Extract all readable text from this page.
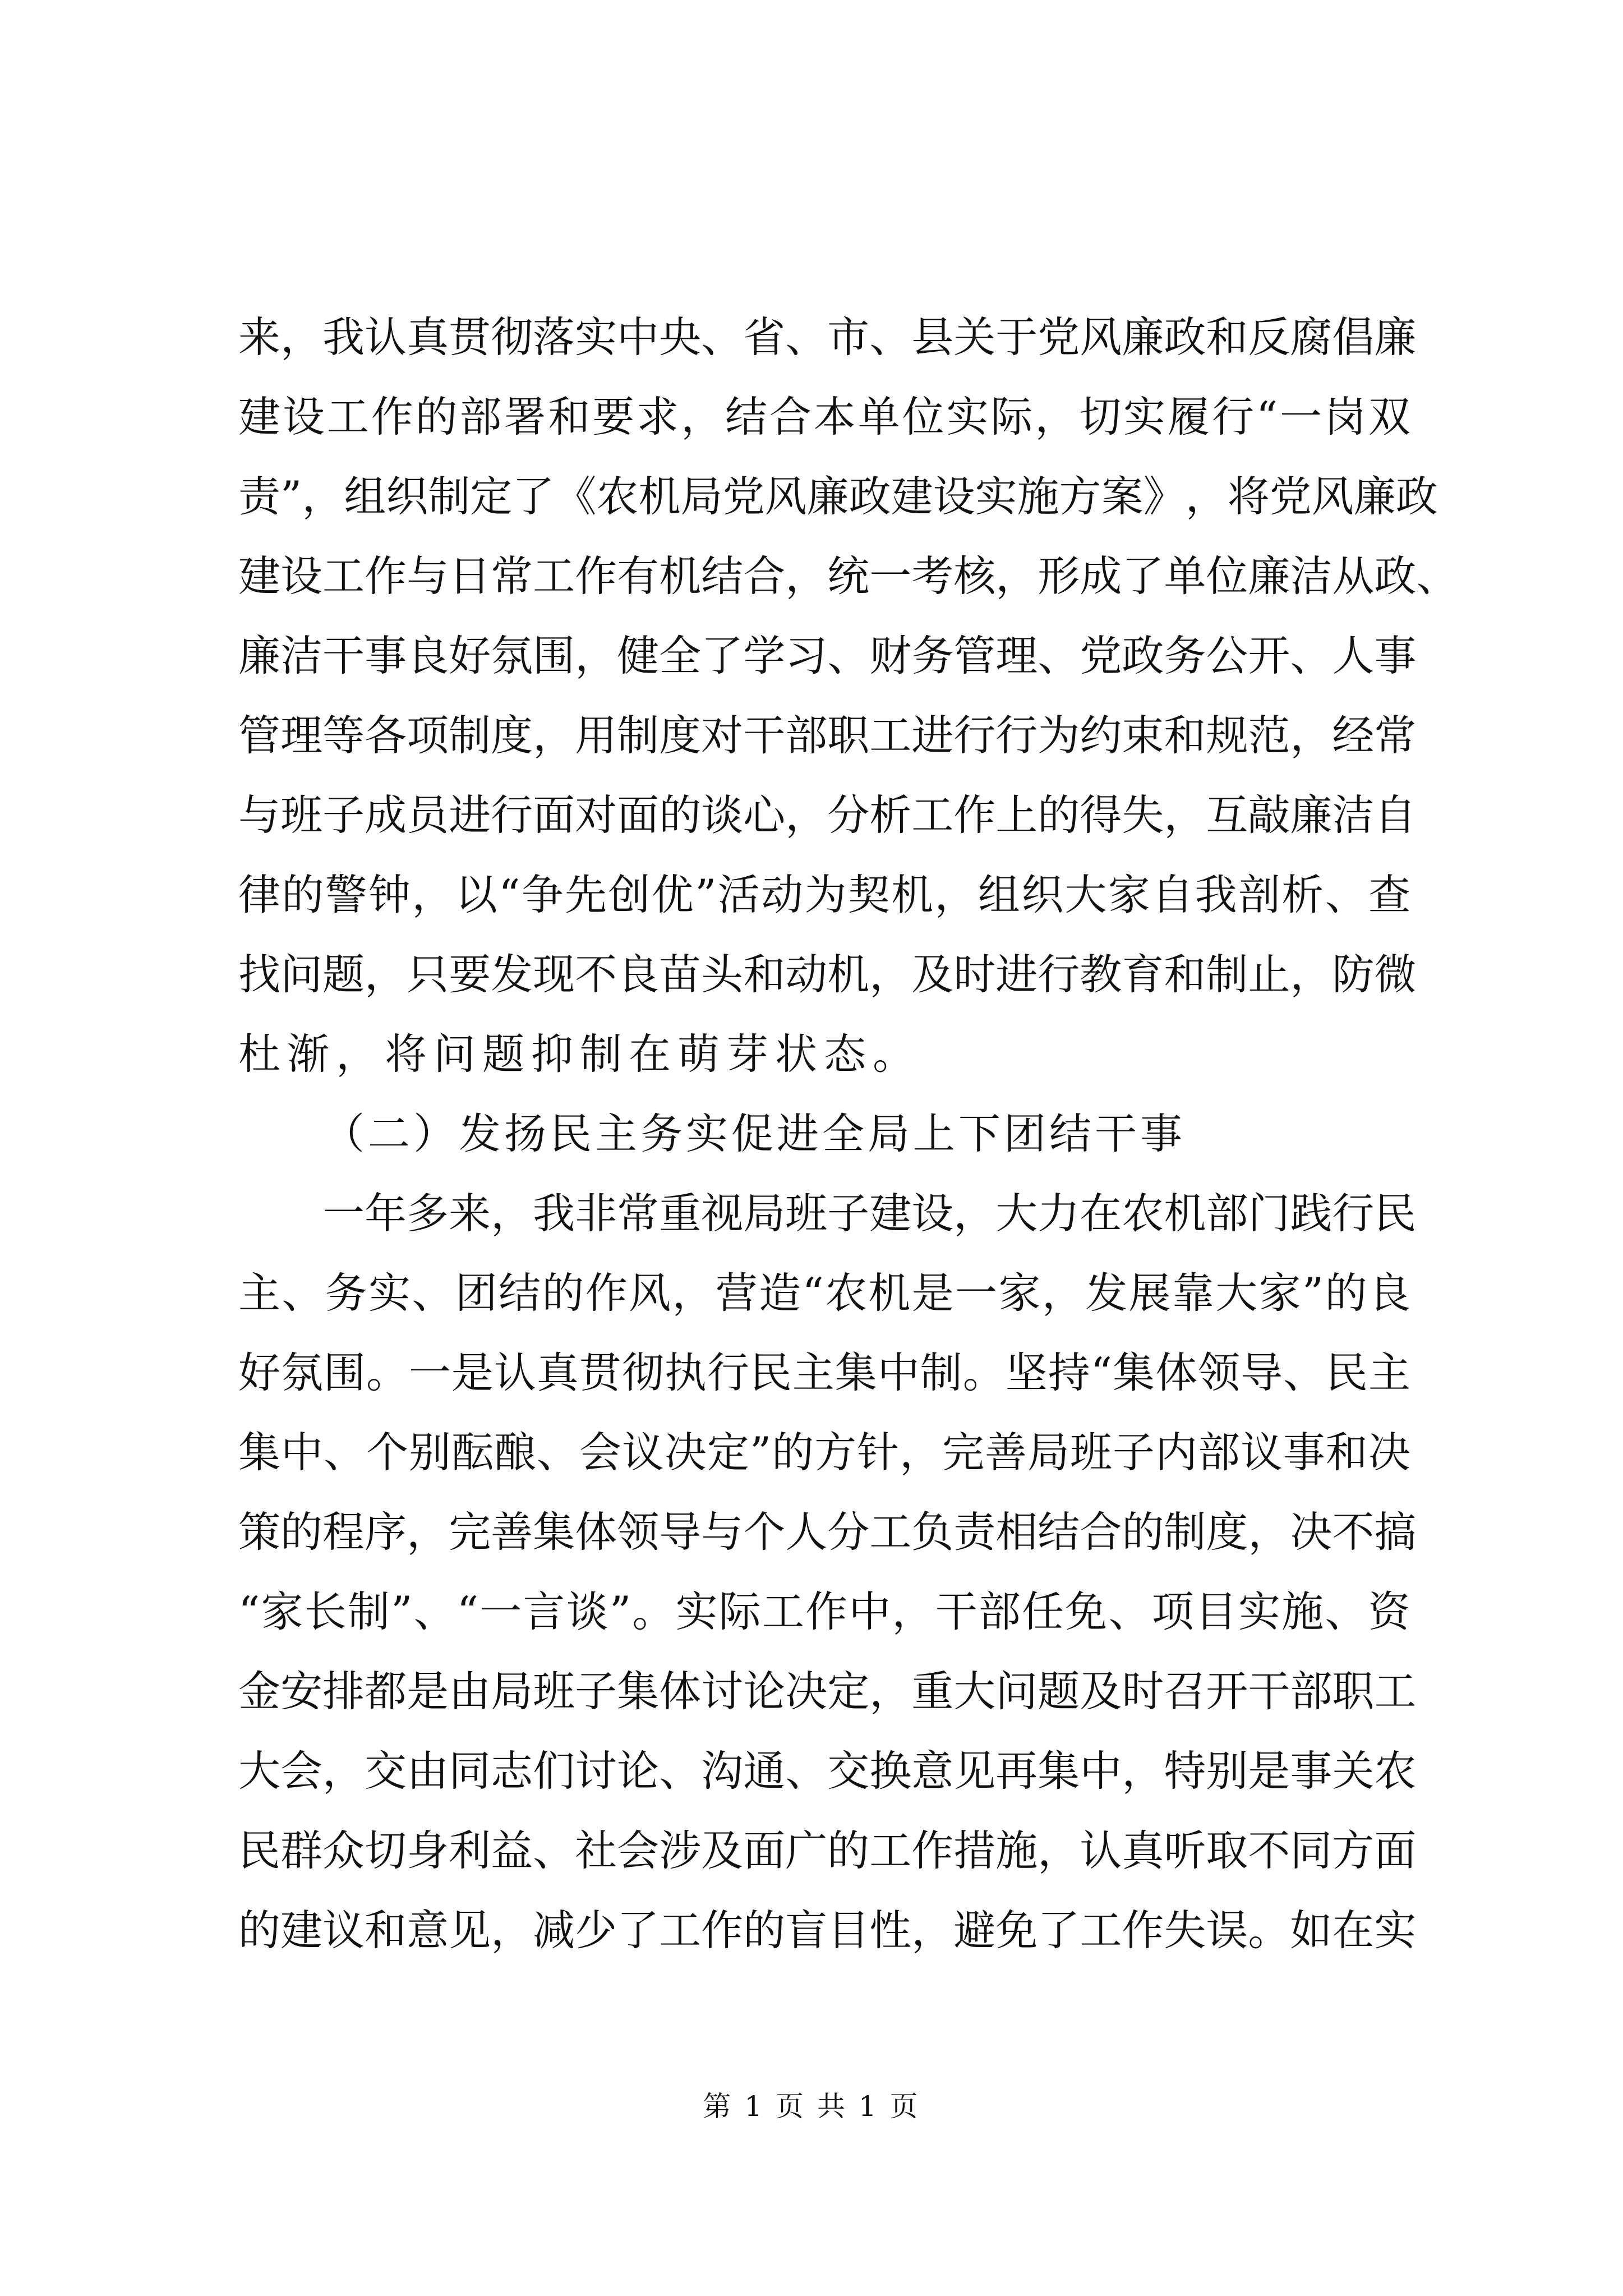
来 ， 我 认 真 贯 彻 落 实 中 央 、 省 、 市 、 县 关 于 党 风 廉 政 和 反 腐 倡 廉
建 设 工 作 的 部 署 和 要 求 ， 结 合 本 单 位 实 际 ， 切 实 履 行 “ 一 岗 双
责 ” ， 组 织 制 定 了 《 农 机 局 党 风 廉 政 建 设 实 施 方 案 》 ， 将 党 风 廉 政
建 设 工 作 与 日 常 工 作 有 机 结 合 ， 统 一 考 核 ， 形 成 了 单 位 廉 洁 从 政 、
廉 洁 干 事 良 好 氛 围 ， 健 全 了 学 习 、 财 务 管 理 、 党 政 务 公 开 、 人 事
管 理 等 各 项 制 度 ， 用 制 度 对 干 部 职 工 进 行 行 为 约 束 和 规 范 ， 经 常
与 班 子 成 员 进 行 面 对 面 的 谈 心 ， 分 析 工 作 上 的 得 失 ， 互 敲 廉 洁 自
律 的 警 钟 ， 以 “ 争 先 创 优 ” 活 动 为 契 机 ， 组 织 大 家 自 我 剖 析 、 查
找 问 题 ， 只 要 发 现 不 良 苗 头 和 动 机 ， 及 时 进 行 教 育 和 制 止 ， 防 微
杜渐，将问题抑制在萌芽状态。
（二）发扬民主务实促进全局上下团结干事
一 年 多 来 ， 我 非 常 重 视 局 班 子 建 设 ， 大 力 在 农 机 部 门 践 行 民
主 、 务 实 、 团 结 的 作 风 ， 营 造 “ 农 机 是 一 家 ， 发 展 靠 大 家 ” 的 良
好 氛 围 。 一 是 认 真 贯 彻 执 行 民 主 集 中 制 。 坚 持 “ 集 体 领 导 、 民 主
集 中 、 个 别 酝 酿 、 会 议 决 定 ” 的 方 针 ， 完 善 局 班 子 内 部 议 事 和 决
策 的 程 序 ， 完 善 集 体 领 导 与 个 人 分 工 负 责 相 结 合 的 制 度 ， 决 不 搞
“ 家 长 制 ” 、 “ 一 言 谈 ” 。 实 际 工 作 中 ， 干 部 任 免 、 项 目 实 施 、 资
金 安 排 都 是 由 局 班 子 集 体 讨 论 决 定 ， 重 大 问 题 及 时 召 开 干 部 职 工
大 会 ， 交 由 同 志 们 讨 论 、 沟 通 、 交 换 意 见 再 集 中 ， 特 别 是 事 关 农
民 群 众 切 身 利 益 、 社 会 涉 及 面 广 的 工 作 措 施 ， 认 真 听 取 不 同 方 面
的 建 议 和 意 见 ， 减 少 了 工 作 的 盲 目 性 ， 避 免 了 工 作 失 误 。 如 在 实
第 1 页 共 1 页
